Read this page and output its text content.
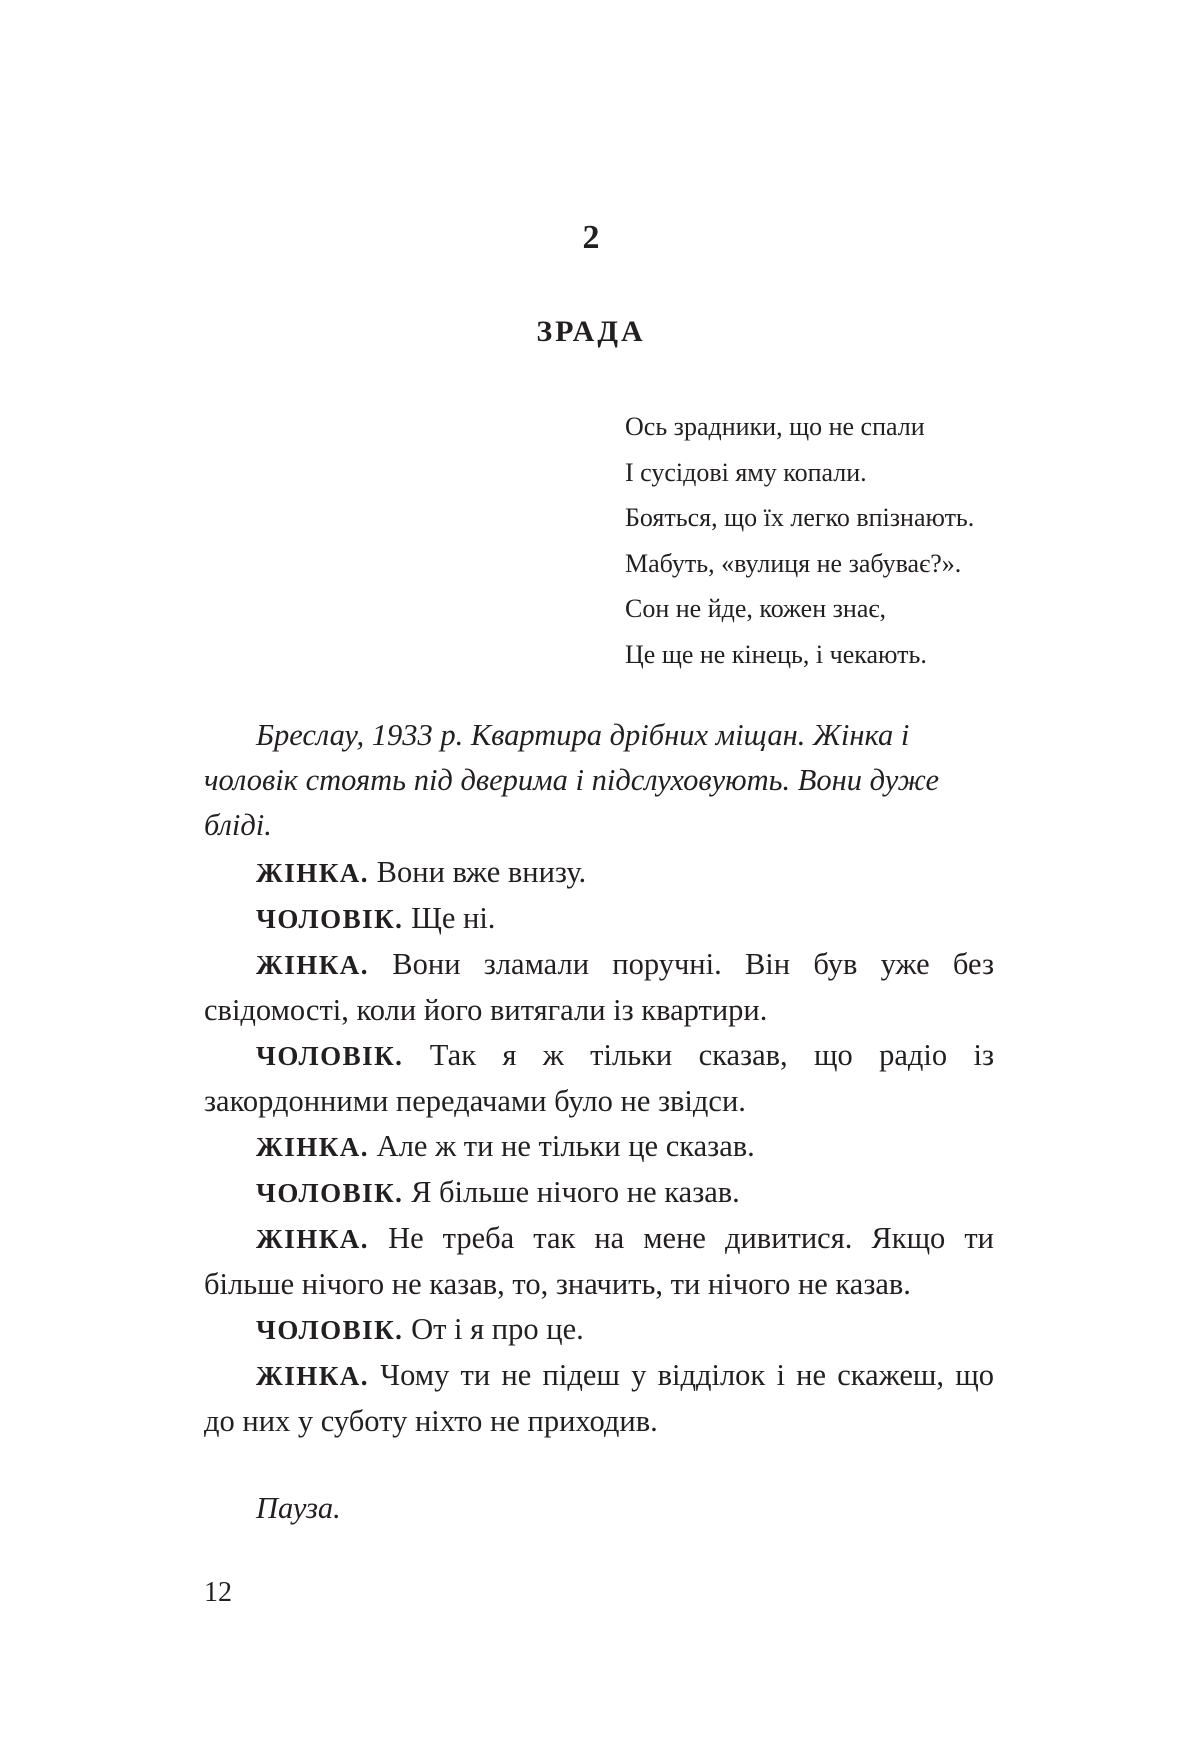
2
ЗРАДА
Ось зрадники, що не спали
І сусідові яму копали.
Бояться, що їх легко впізнають.
Мабуть, «вулиця не забуває?».
Сон не йде, кожен знає,
Це ще не кінець, і чекають.

Бреслау, 1933 р. Квартира дрібних міщан. Жінка і чоловік стоять під дверима і підслуховують. Вони дуже бліді.

ЖІНКА. Вони вже внизу.

ЧОЛОВІК. Ще ні.

ЖІНКА. Вони зламали поручні. Він був уже без свідомості, коли його витягали із квартири.

ЧОЛОВІК. Так я ж тільки сказав, що радіо із закордонними передачами було не звідси.

ЖІНКА. Але ж ти не тільки це сказав.

ЧОЛОВІК. Я більше нічого не казав.

ЖІНКА. Не треба так на мене дивитися. Якщо ти більше нічого не казав, то, значить, ти нічого не казав.

ЧОЛОВІК. От і я про це.

ЖІНКА. Чому ти не підеш у відділок і не скажеш, що до них у суботу ніхто не приходив.

Пауза.

12
